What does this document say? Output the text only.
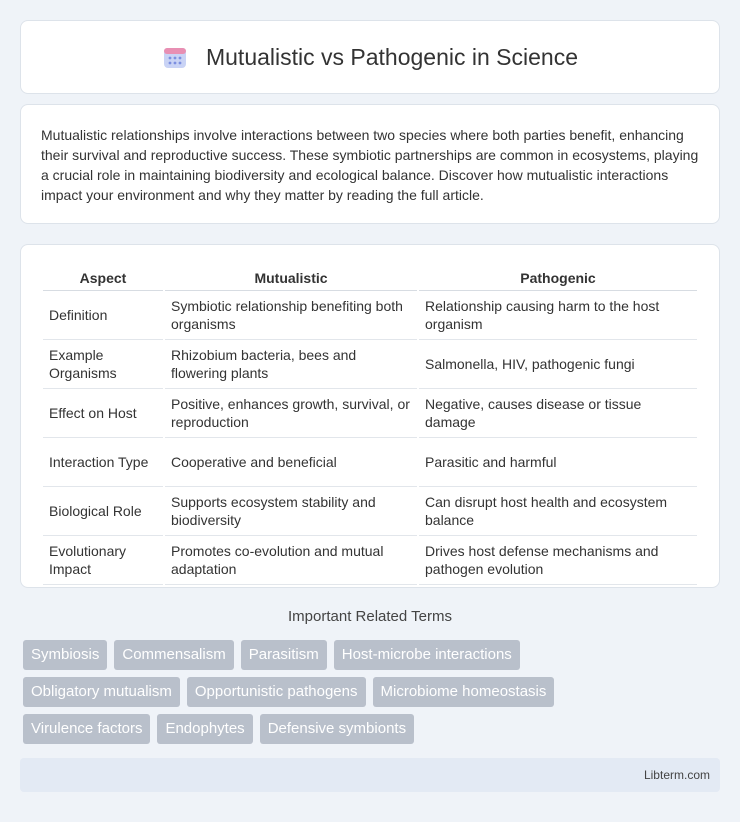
Mutualistic vs Pathogenic in Science

Mutualistic relationships involve interactions between two species where both parties benefit, enhancing their survival and reproductive success. These symbiotic partnerships are common in ecosystems, playing a crucial role in maintaining biodiversity and ecological balance. Discover how mutualistic interactions impact your environment and why they matter by reading the full article.

Aspect	Mutualistic	Pathogenic
Definition	Symbiotic relationship benefiting both organisms	Relationship causing harm to the host organism
Example Organisms	Rhizobium bacteria, bees and flowering plants	Salmonella, HIV, pathogenic fungi
Effect on Host	Positive, enhances growth, survival, or reproduction	Negative, causes disease or tissue damage
Interaction Type	Cooperative and beneficial	Parasitic and harmful
Biological Role	Supports ecosystem stability and biodiversity	Can disrupt host health and ecosystem balance
Evolutionary Impact	Promotes co-evolution and mutual adaptation	Drives host defense mechanisms and pathogen evolution
Important Related Terms
Symbiosis	Commensalism	Parasitism	Host-microbe interactions
Obligatory mutualism	Opportunistic pathogens	Microbiome homeostasis
Virulence factors	Endophytes	Defensive symbionts
Libterm.com
